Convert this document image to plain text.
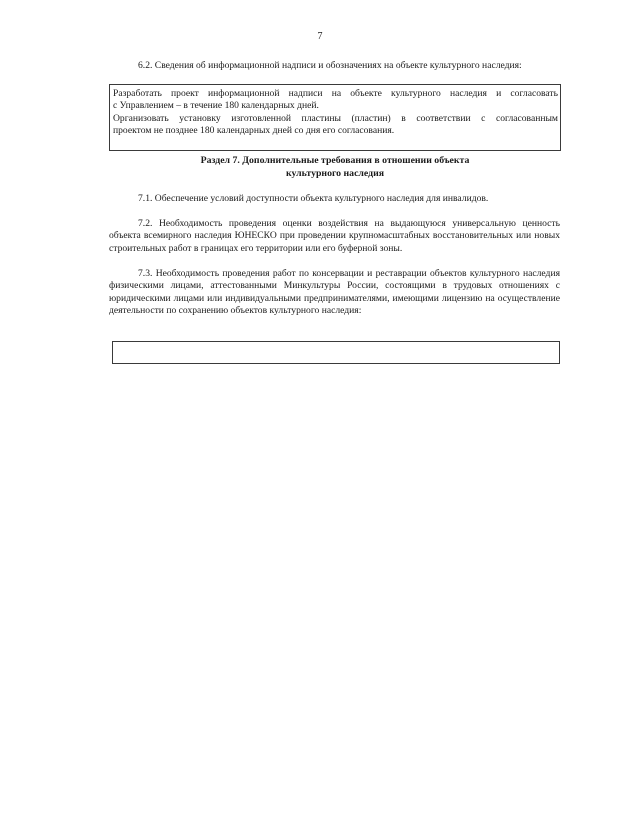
7
6.2. Сведения об информационной надписи и обозначениях на объекте культурного наследия:
Разработать проект информационной надписи на объекте культурного наследия и согласовать
с Управлением – в течение 180 календарных дней.
Организовать установку изготовленной пластины (пластин) в соответствии с согласованным
проектом не позднее 180 календарных дней со дня его согласования.
Раздел 7. Дополнительные требования в отношении объекта
культурного наследия
7.1. Обеспечение условий доступности объекта культурного наследия для инвалидов.
7.2. Необходимость проведения оценки воздействия на выдающуюся универсальную ценность объекта всемирного наследия ЮНЕСКО при проведении крупномасштабных восстановительных или новых строительных работ в границах его территории или его буферной зоны.
7.3. Необходимость проведения работ по консервации и реставрации объектов культурного наследия физическими лицами, аттестованными Минкультуры России, состоящими в трудовых отношениях с юридическими лицами или индивидуальными предпринимателями, имеющими лицензию на осуществление деятельности по сохранению объектов культурного наследия:
